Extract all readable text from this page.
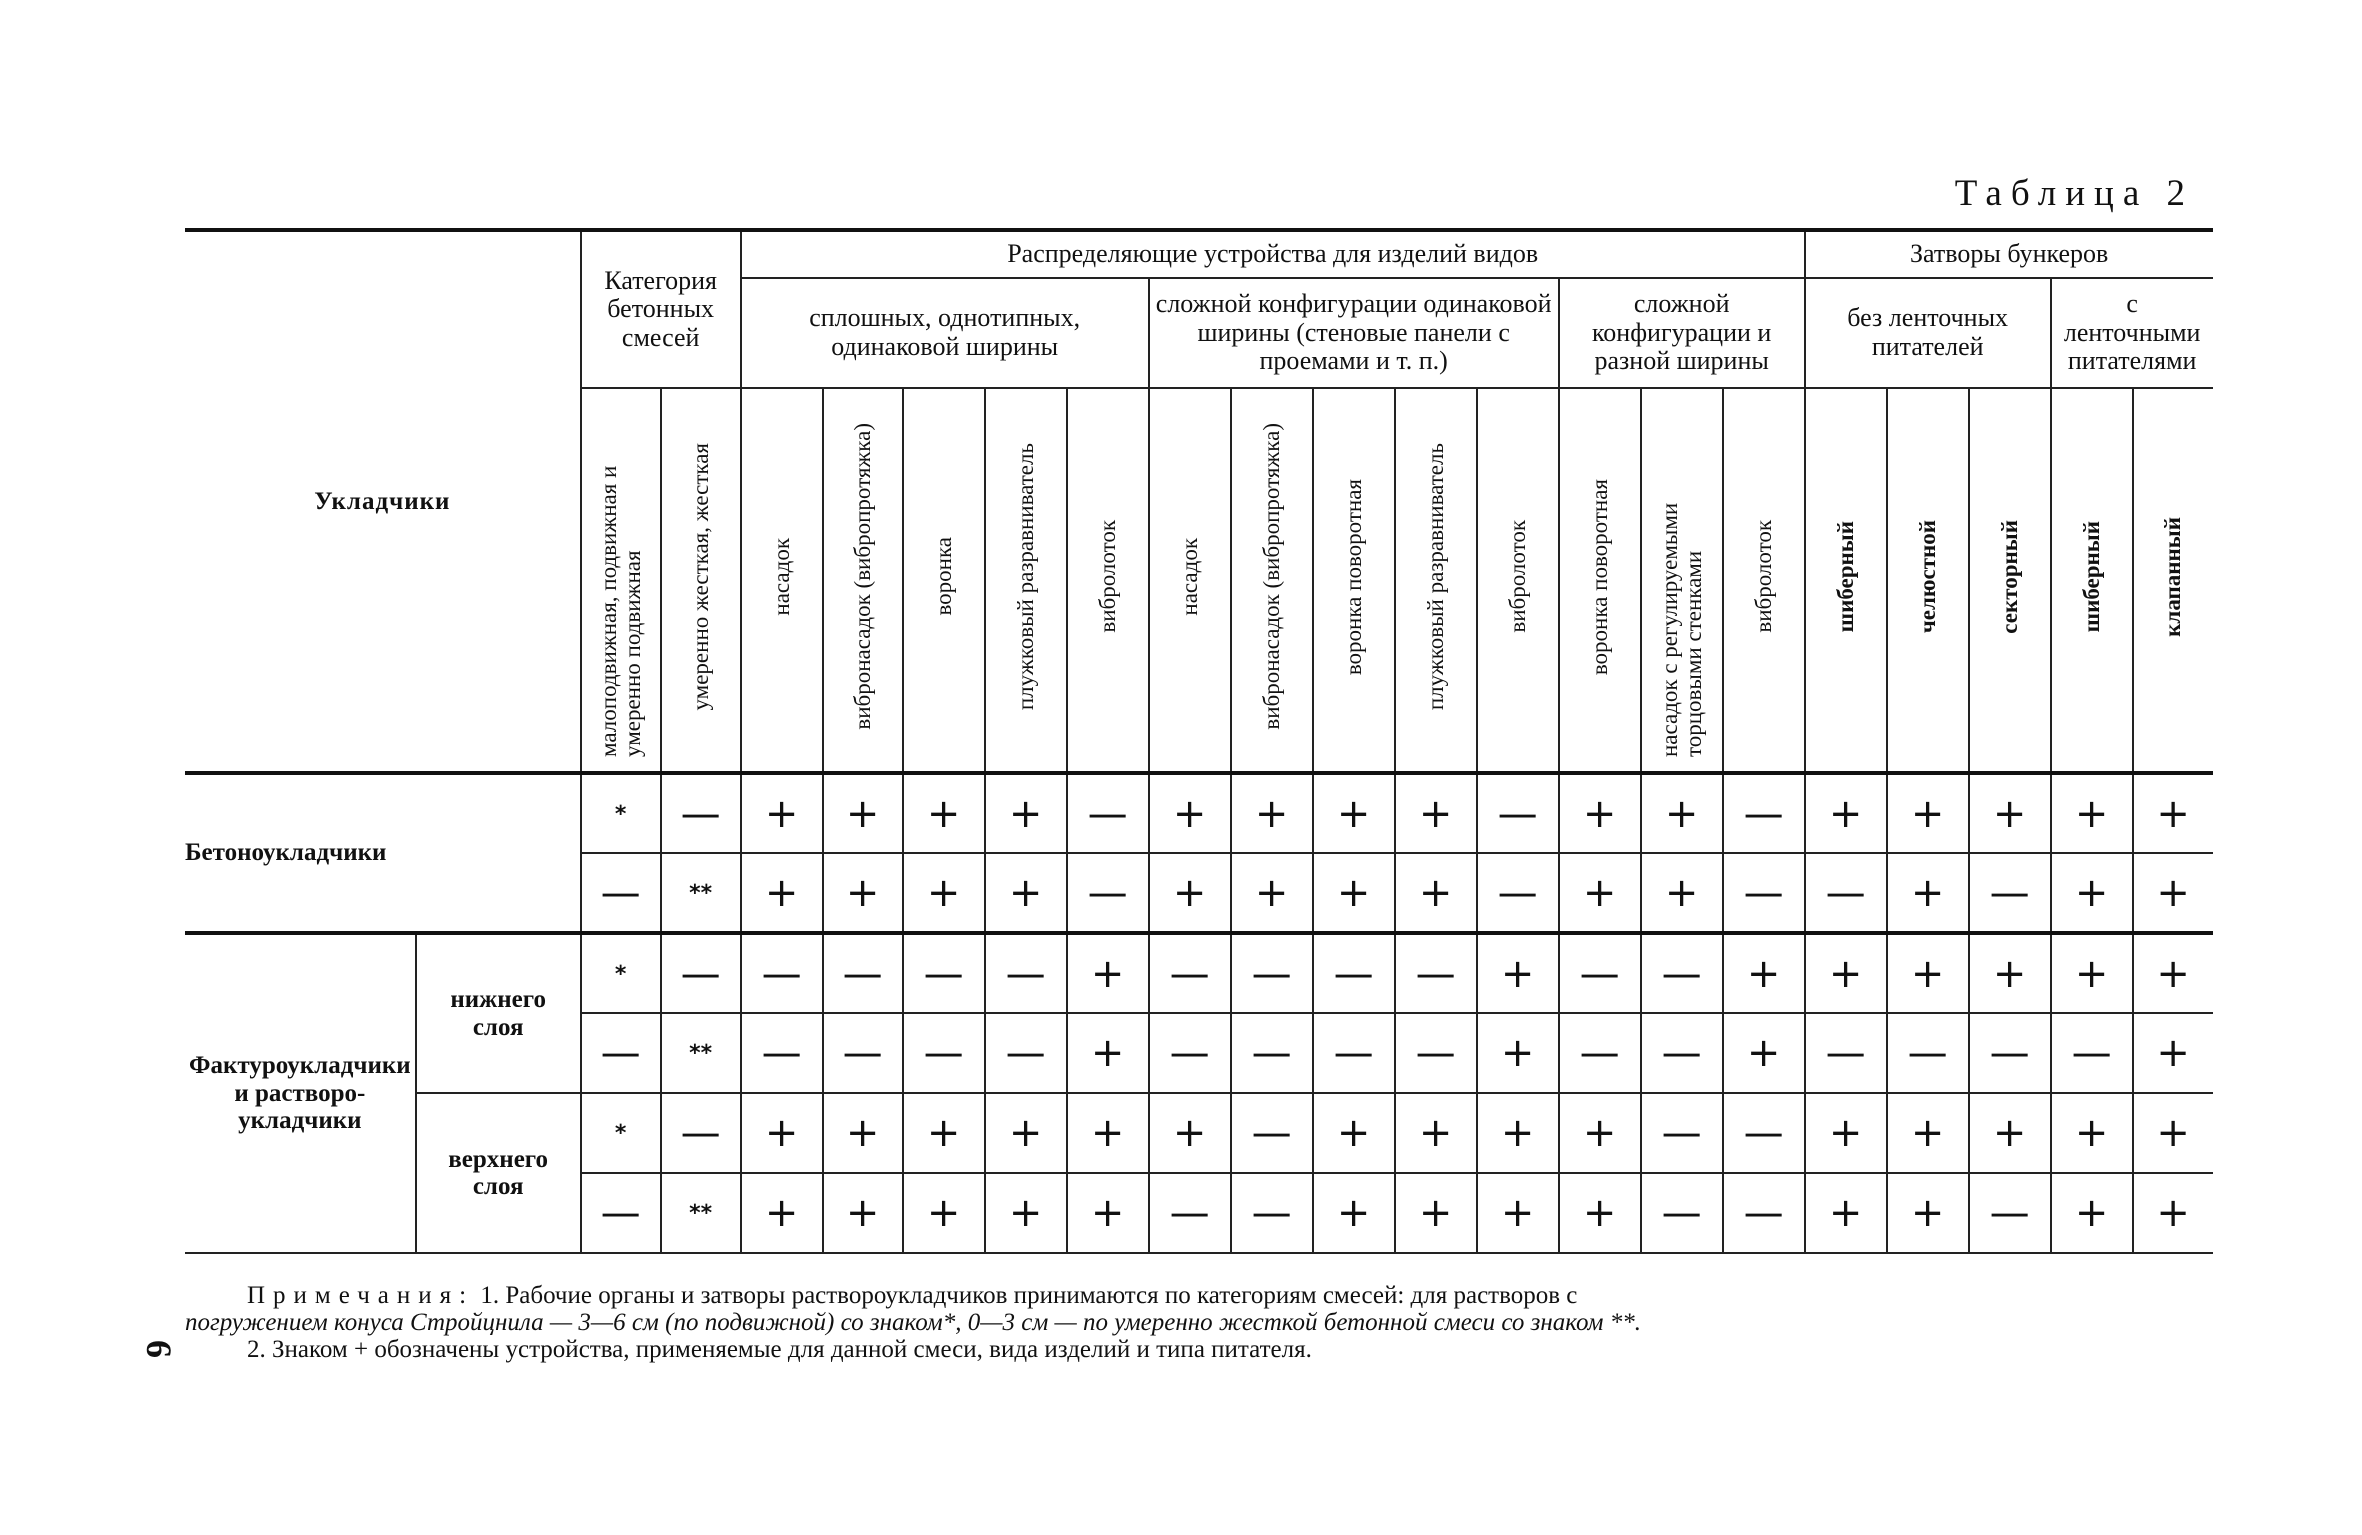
Таблица 2
Укладчики		Категория бетонных смесей		Распределяющие устройства для изделий видов													Затворы бункеров				
				сплошных, однотипных, одинаковой ширины					сложной конфигурации одинаковой ширины (стеновые панели с проемами и т. п.)					сложной конфигурации и разной ширины			без ленточных питателей			с ленточными питателями	
		малоподвижная, подвижная и умеренно подвижная	умеренно жесткая, жесткая	насадок	вибронасадок (вибропротяжка)	воронка	плужковый разравниватель	виброл‌оток	насадок	вибронасадок (вибропротяжка)	воронка поворотная	плужковый разравниватель	виброл‌оток	воронка поворотная	насадок с регулируемыми торцовыми стенками	виброл‌оток	шиберный	челюстной	секторный	шиберный	клапанный
Бетоноукладчики		*	—	+	+	+	+	—	+	+	+	+	—	+	+	—	+	+	+	+	+
		—	**	+	+	+	+	—	+	+	+	+	—	+	+	—	—	+	—	+	+
Фактуроукладчики и раствороукладчики	нижнего слоя	*	—	—	—	—	—	+	—	—	—	—	+	—	—	+	+	+	+	+	+
		—	**	—	—	—	—	+	—	—	—	—	+	—	—	+	—	—	—	—	+
	верхнего слоя	*	—	+	+	+	+	+	+	—	+	+	+	+	—	—	+	+	+	+	+
		—	**	+	+	+	+	+	—	—	+	+	+	+	—	—	+	+	—	+	+
Примечания: 1. Рабочие органы и затворы раствороукладчиков принимаются по категориям смесей: для растворов с
погружением конуса Стройцнила — 3—6 см (по подвижной) со знаком*, 0—3 см — по умеренно жесткой бетонной смеси со знаком **.
2. Знаком + обозначены устройства, применяемые для данной смеси, вида изделий и типа питателя.
6
